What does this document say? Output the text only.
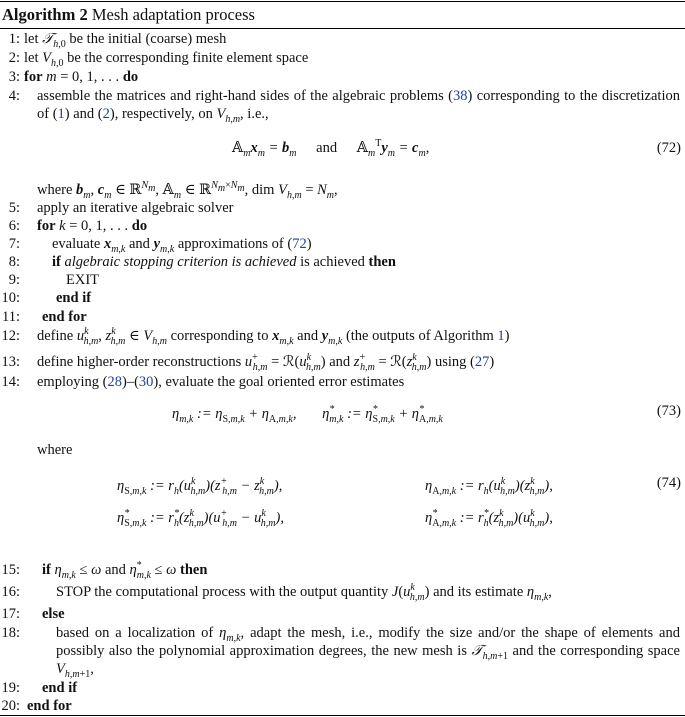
Algorithm 2 Mesh adaptation process
1: let 𝒯$_{h,0}$ be the initial (coarse) mesh
2: let $V_{h,0}$ be the corresponding finite element space
3: for m = 0, 1, . . . do
4: assemble the matrices and right-hand sides of the algebraic problems (38) corresponding to the discretization of (1) and (2), respectively, on $V_{h,m}$, i.e.,
$𝔸_mx_m = b_m$ and $𝔸_m^Ty_m = c_m$,	(72)
where $b_m$, $c_m$ ∈ ℝ$^{N_m}$, 𝔸$_m$ ∈ ℝ$^{N_m\times N_m}$, dim $V_{h,m} = N_m$,
5: apply an iterative algebraic solver
6: for k = 0, 1, . . . do
7: evaluate $x_{m,k}$ and $y_{m,k}$ approximations of (72)
8: if algebraic stopping criterion is achieved is achieved then
9:	EXIT
10: end if
11: end for
12: define $u^k_{h,m}$, $z^k_{h,m}$ ∈ $V_{h,m}$ corresponding to $x_{m,k}$ and $y_{m,k}$ (the outputs of Algorithm 1)
13: define higher-order reconstructions $u^+_{h,m}$ = $ℛ(u^k_{h,m})$ and $z^+_{h,m}$ = $ℛ(z^k_{h,m})$ using (27)
14: employing (28)–(30), evaluate the goal oriented error estimates
$\eta_{m,k}$ := $\eta_{S,m,k} + \eta_{A,m,k}$, $\eta^*_{m,k}$ := $\eta^*_{S,m,k} + \eta^*_{A,m,k}$
(73)
where
$\eta_{S,m,k}$ := $r_h(u^k_{h,m})(z^+_{h,m} - z^k_{h,m})$,	$\eta_{A,m,k}$ := $r_h(u^k_{h,m})(z^k_{h,m})$,	(74)
$\eta^*_{S,m,k}$ := $r^*_h(z^k_{h,m})(u^+_{h,m} - u^k_{h,m})$,	$\eta^*_{A,m,k}$ := $r^*_h(z^k_{h,m})(u^k_{h,m})$,
15: if $\eta_{m,k} \le \omega$ and $\eta^*_{m,k} \le \omega$ then
16: STOP the computational process with the output quantity $J(u^k_{h,m})$ and its estimate $\eta_{m,k}$,
17: else
18: based on a localization of $\eta_{m,k}$, adapt the mesh, i.e., modify the size and/or the shape of elements and possibly also the polynomial approximation degrees, the new mesh is 𝒯$_{h,m+1}$ and the corresponding space $V_{h,m+1}$,
19: end if
20: end for
